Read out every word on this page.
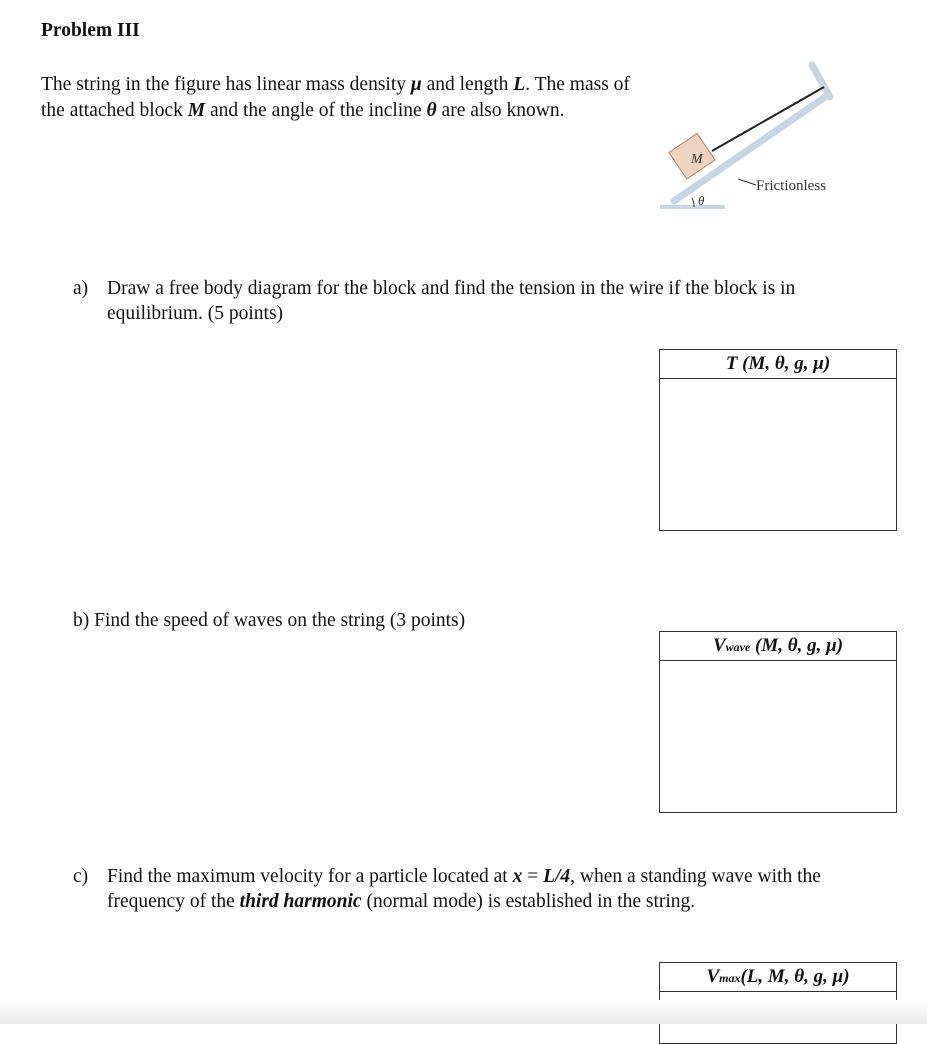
Problem III
The string in the figure has linear mass density μ and length L. The mass of the attached block M and the angle of the incline θ are also known.
M
θ
Frictionless
a) Draw a free body diagram for the block and find the tension in the wire if the block is in equilibrium. (5 points)
T (M, θ, g, μ)
b) Find the speed of waves on the string (3 points)
Vwave (M, θ, g, μ)
c) Find the maximum velocity for a particle located at x = L/4, when a standing wave with the frequency of the third harmonic (normal mode) is established in the string.
Vmax(L, M, θ, g, μ)
